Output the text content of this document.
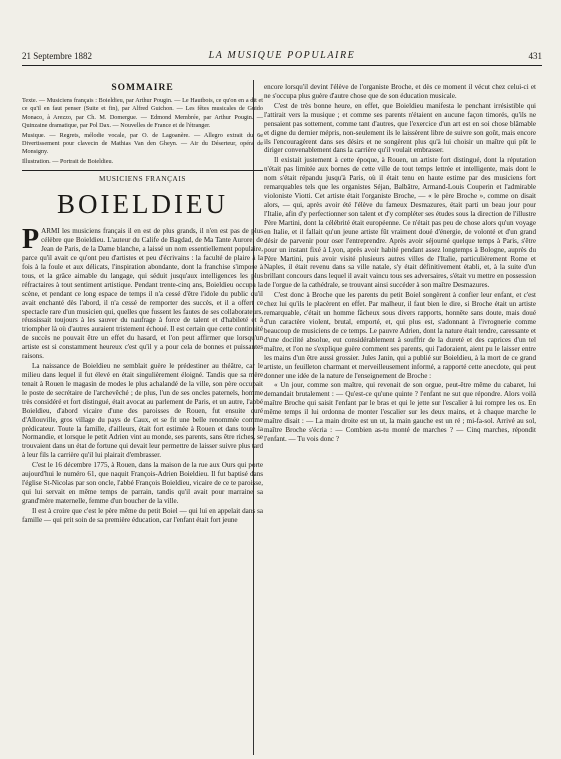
21 Septembre 1882	LA MUSIQUE POPULAIRE	431
SOMMAIRE

Texte. — Musiciens français : Boieldieu, par Arthur Pougin. — Le Hautbois, ce qu'on en a dit et ce qu'il en faut penser (Suite et fin), par Alfred Guichon. — Les fêtes musicales de Guido Monaco, à Arezzo, par Ch. M. Domergue. — Edmond Membrée, par Arthur Pougin. — Quinzaine dramatique, par Pol Dax. — Nouvelles de France et de l'étranger.

Musique. — Regrets, mélodie vocale, par O. de Lagoanère. — Allegro extrait du 6e Divertissement pour clavecin de Mathias Van den Gheyn. — Air du Déserteur, opéra de Monsigny.

Illustration. — Portrait de Boieldieu.

MUSICIENS FRANÇAIS
BOIELDIEU

PARMI les musiciens français il en est de plus grands, il n'en est pas de plus célèbre que Boieldieu. L'auteur du Calife de Bagdad, de Ma Tante Aurore, de Jean de Paris, de la Dame blanche, a laissé un nom essentiellement populaire, parce qu'il avait ce qu'ont peu d'artistes et peu d'écrivains : la faculté de plaire à la fois à la foule et aux délicats, l'inspiration abondante, dont la franchise s'impose à tous, et la grâce aimable du langage, qui séduit jusqu'aux intelligences les plus réfractaires à tout sentiment artistique. Pendant trente-cinq ans, Boieldieu occupa la scène, et pendant ce long espace de temps il n'a cessé d'être l'idole du public qu'il avait enchanté dès l'abord, il n'a cessé de remporter des succès, et il a offert ce spectacle rare d'un musicien qui, quelles que fussent les fautes de ses collaborateurs, réussissait toujours à les sauver du naufrage à force de talent et d'habileté et à triompher là où d'autres auraient tristement échoué. Il est certain que cette continuité de succès ne pouvait être un effet du hasard, et l'on peut affirmer que lorsqu'un artiste est si constamment heureux c'est qu'il y a pour cela de bonnes et puissantes raisons.

La naissance de Boieldieu ne semblait guère le prédestiner au théâtre, car le milieu dans lequel il fut élevé en était singulièrement éloigné. Tandis que sa mère tenait à Rouen le magasin de modes le plus achalandé de la ville, son père occupait le poste de secrétaire de l'archevêché ; de plus, l'un de ses oncles paternels, homme très considéré et fort distingué, était avocat au parlement de Paris, et un autre, l'abbé Boieldieu, d'abord vicaire d'une des paroisses de Rouen, fut ensuite curé d'Allouville, gros village du pays de Caux, et se fit une belle renommée comme prédicateur. Toute la famille, d'ailleurs, était fort estimée à Rouen et dans toute la Normandie, et lorsque le petit Adrien vint au monde, ses parents, sans être riches, se trouvaient dans un état de fortune qui devait leur permettre de laisser suivre plus tard à leur fils la carrière qu'il lui plairait d'embrasser.

C'est le 16 décembre 1775, à Rouen, dans la maison de la rue aux Ours qui porte aujourd'hui le numéro 61, que naquit François-Adrien Boieldieu. Il fut baptisé dans l'église St-Nicolas par son oncle, l'abbé François Boieldieu, vicaire de ce te paroisse, qui lui servait en même temps de parrain, tandis qu'il avait pour marraine sa grand'mère maternelle, femme d'un boucher de la ville.

Il est à croire que c'est le père même du petit Boiel — qui lui en appelait dans sa famille — qui prit soin de sa première éducation, car l'enfant était fort jeune

encore lorsqu'il devint l'élève de l'organiste Broche, et dès ce moment il vécut chez celui-ci et ne s'occupa plus guère d'autre chose que de son éducation musicale.

C'est de très bonne heure, en effet, que Boieldieu manifesta le penchant irrésistible qui l'attirait vers la musique ; et comme ses parents n'étaient en aucune façon timorés, qu'ils ne pensaient pas sottement, comme tant d'autres, que l'exercice d'un art est en soi chose blâmable et digne du dernier mépris, non-seulement ils le laissèrent libre de suivre son goût, mais encore ils l'encouragèrent dans ses désirs et ne songèrent plus qu'à lui choisir un maître qui pût le diriger convenablement dans la carrière qu'il voulait embrasser.

Il existait justement à cette époque, à Rouen, un artiste fort distingué, dont la réputation n'était pas limitée aux bornes de cette ville de tout temps lettrée et intelligente, mais dont le nom s'était répandu jusqu'à Paris, où il était tenu en haute estime par des musiciens fort remarquables tels que les organistes Séjan, Balbâtre, Armand-Louis Couperin et l'admirable violoniste Viotti. Cet artiste était l'organiste Broche, — « le père Broche », comme on disait alors, — qui, après avoir été l'élève du fameux Desmazures, était parti un beau jour pour l'Italie, afin d'y perfectionner son talent et d'y compléter ses études sous la direction de l'illustre Père Martini, dont la célébrité était européenne. Ce n'était pas peu de chose alors qu'un voyage en Italie, et il fallait qu'un jeune artiste fût vraiment doué d'énergie, de volonté et d'un grand désir de parvenir pour oser l'entreprendre. Après avoir séjourné quelque temps à Paris, s'être pour un instant fixé à Lyon, après avoir habité pendant assez longtemps à Bologne, auprès du Père Martini, puis avoir visité plusieurs autres villes de l'Italie, particulièrement Rome et Naples, il était revenu dans sa ville natale, s'y était définitivement établi, et, à la suite d'un brillant concours dans lequel il avait vaincu tous ses adversaires, s'était vu mettre en possession de l'orgue de la cathédrale, se trouvant ainsi succéder à son maître Desmazures.

C'est donc à Broche que les parents du petit Boiel songèrent à confier leur enfant, et c'est chez lui qu'ils le placèrent en effet. Par malheur, il faut bien le dire, si Broche était un artiste remarquable, c'était un homme fâcheux sous divers rapports, honnête sans doute, mais doué d'un caractère violent, brutal, emporté, et, qui plus est, s'adonnant à l'ivrognerie comme beaucoup de musiciens de ce temps. Le pauvre Adrien, dont la nature était tendre, caressante et d'une docilité absolue, eut considérablement à souffrir de la dureté et des caprices d'un tel maître, et l'on ne s'explique guère comment ses parents, qui l'adoraient, aient pu le laisser entre les mains d'un être aussi grossier. Jules Janin, qui a publié sur Boieldieu, à la mort de ce grand artiste, un feuilleton charmant et merveilleusement informé, a rapporté cette anecdote, qui peut donner une idée de la nature de l'enseignement de Broche :

« Un jour, comme son maître, qui revenait de son orgue, peut-être même du cabaret, lui demandait brutalement : — Qu'est-ce qu'une quinte ? l'enfant ne sut que répondre. Alors voilà maître Broche qui saisit l'enfant par le bras et qui le jette sur l'escalier à lui rompre les os. En même temps il lui ordonna de monter l'escalier sur les deux mains, et à chaque marche le maître disait : — La main droite est un ut, la main gauche est un ré ; mi-fa-sol. Arrivé au sol, maître Broche s'écria : — Combien as-tu monté de marches ? — Cinq marches, répondit l'enfant. — Tu vois donc ?
